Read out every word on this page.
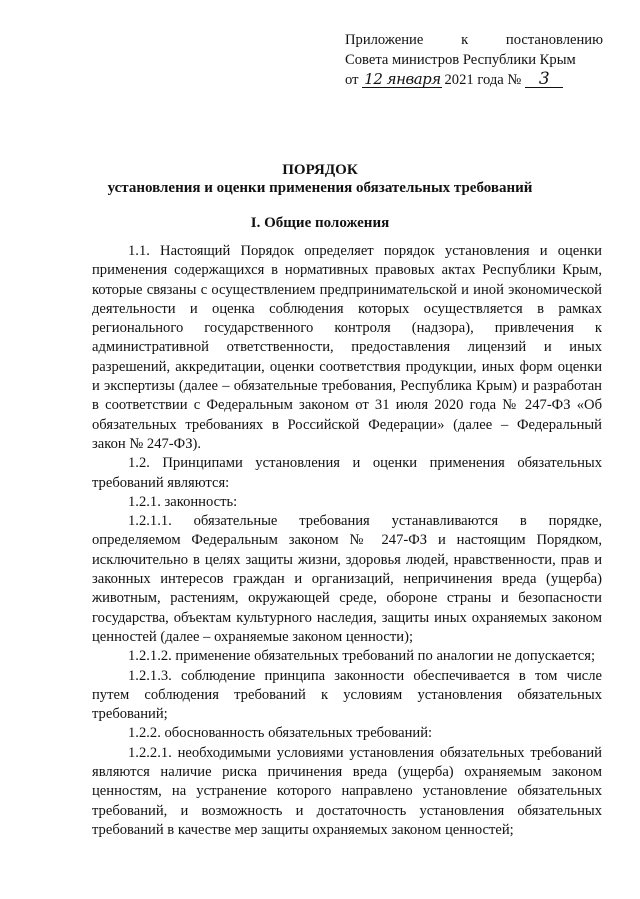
Приложение	к	постановлению
Совета министров Республики Крым
от 12 января 2021 года №	3
ПОРЯДОК
установления и оценки применения обязательных требований
I. Общие положения

1.1. Настоящий Порядок определяет порядок установления и оценки применения содержащихся в нормативных правовых актах Республики Крым, которые связаны с осуществлением предпринимательской и иной экономической деятельности и оценка соблюдения которых осуществляется в рамках регионального государственного контроля (надзора), привлечения к административной ответственности, предоставления лицензий и иных разрешений, аккредитации, оценки соответствия продукции, иных форм оценки и экспертизы (далее – обязательные требования, Республика Крым) и разработан в соответствии с Федеральным законом от 31 июля 2020 года № 247-ФЗ «Об обязательных требованиях в Российской Федерации» (далее – Федеральный закон № 247-ФЗ).

1.2. Принципами установления и оценки применения обязательных требований являются:

1.2.1. законность:

1.2.1.1. обязательные требования устанавливаются в порядке, определяемом Федеральным законом № 247-ФЗ и настоящим Порядком, исключительно в целях защиты жизни, здоровья людей, нравственности, прав и законных интересов граждан и организаций, непричинения вреда (ущерба) животным, растениям, окружающей среде, обороне страны и безопасности государства, объектам культурного наследия, защиты иных охраняемых законом ценностей (далее – охраняемые законом ценности);

1.2.1.2. применение обязательных требований по аналогии не допускается;

1.2.1.3. соблюдение принципа законности обеспечивается в том числе путем соблюдения требований к условиям установления обязательных требований;

1.2.2. обоснованность обязательных требований:

1.2.2.1. необходимыми условиями установления обязательных требований являются наличие риска причинения вреда (ущерба) охраняемым законом ценностям, на устранение которого направлено установление обязательных требований, и возможность и достаточность установления обязательных требований в качестве мер защиты охраняемых законом ценностей;
